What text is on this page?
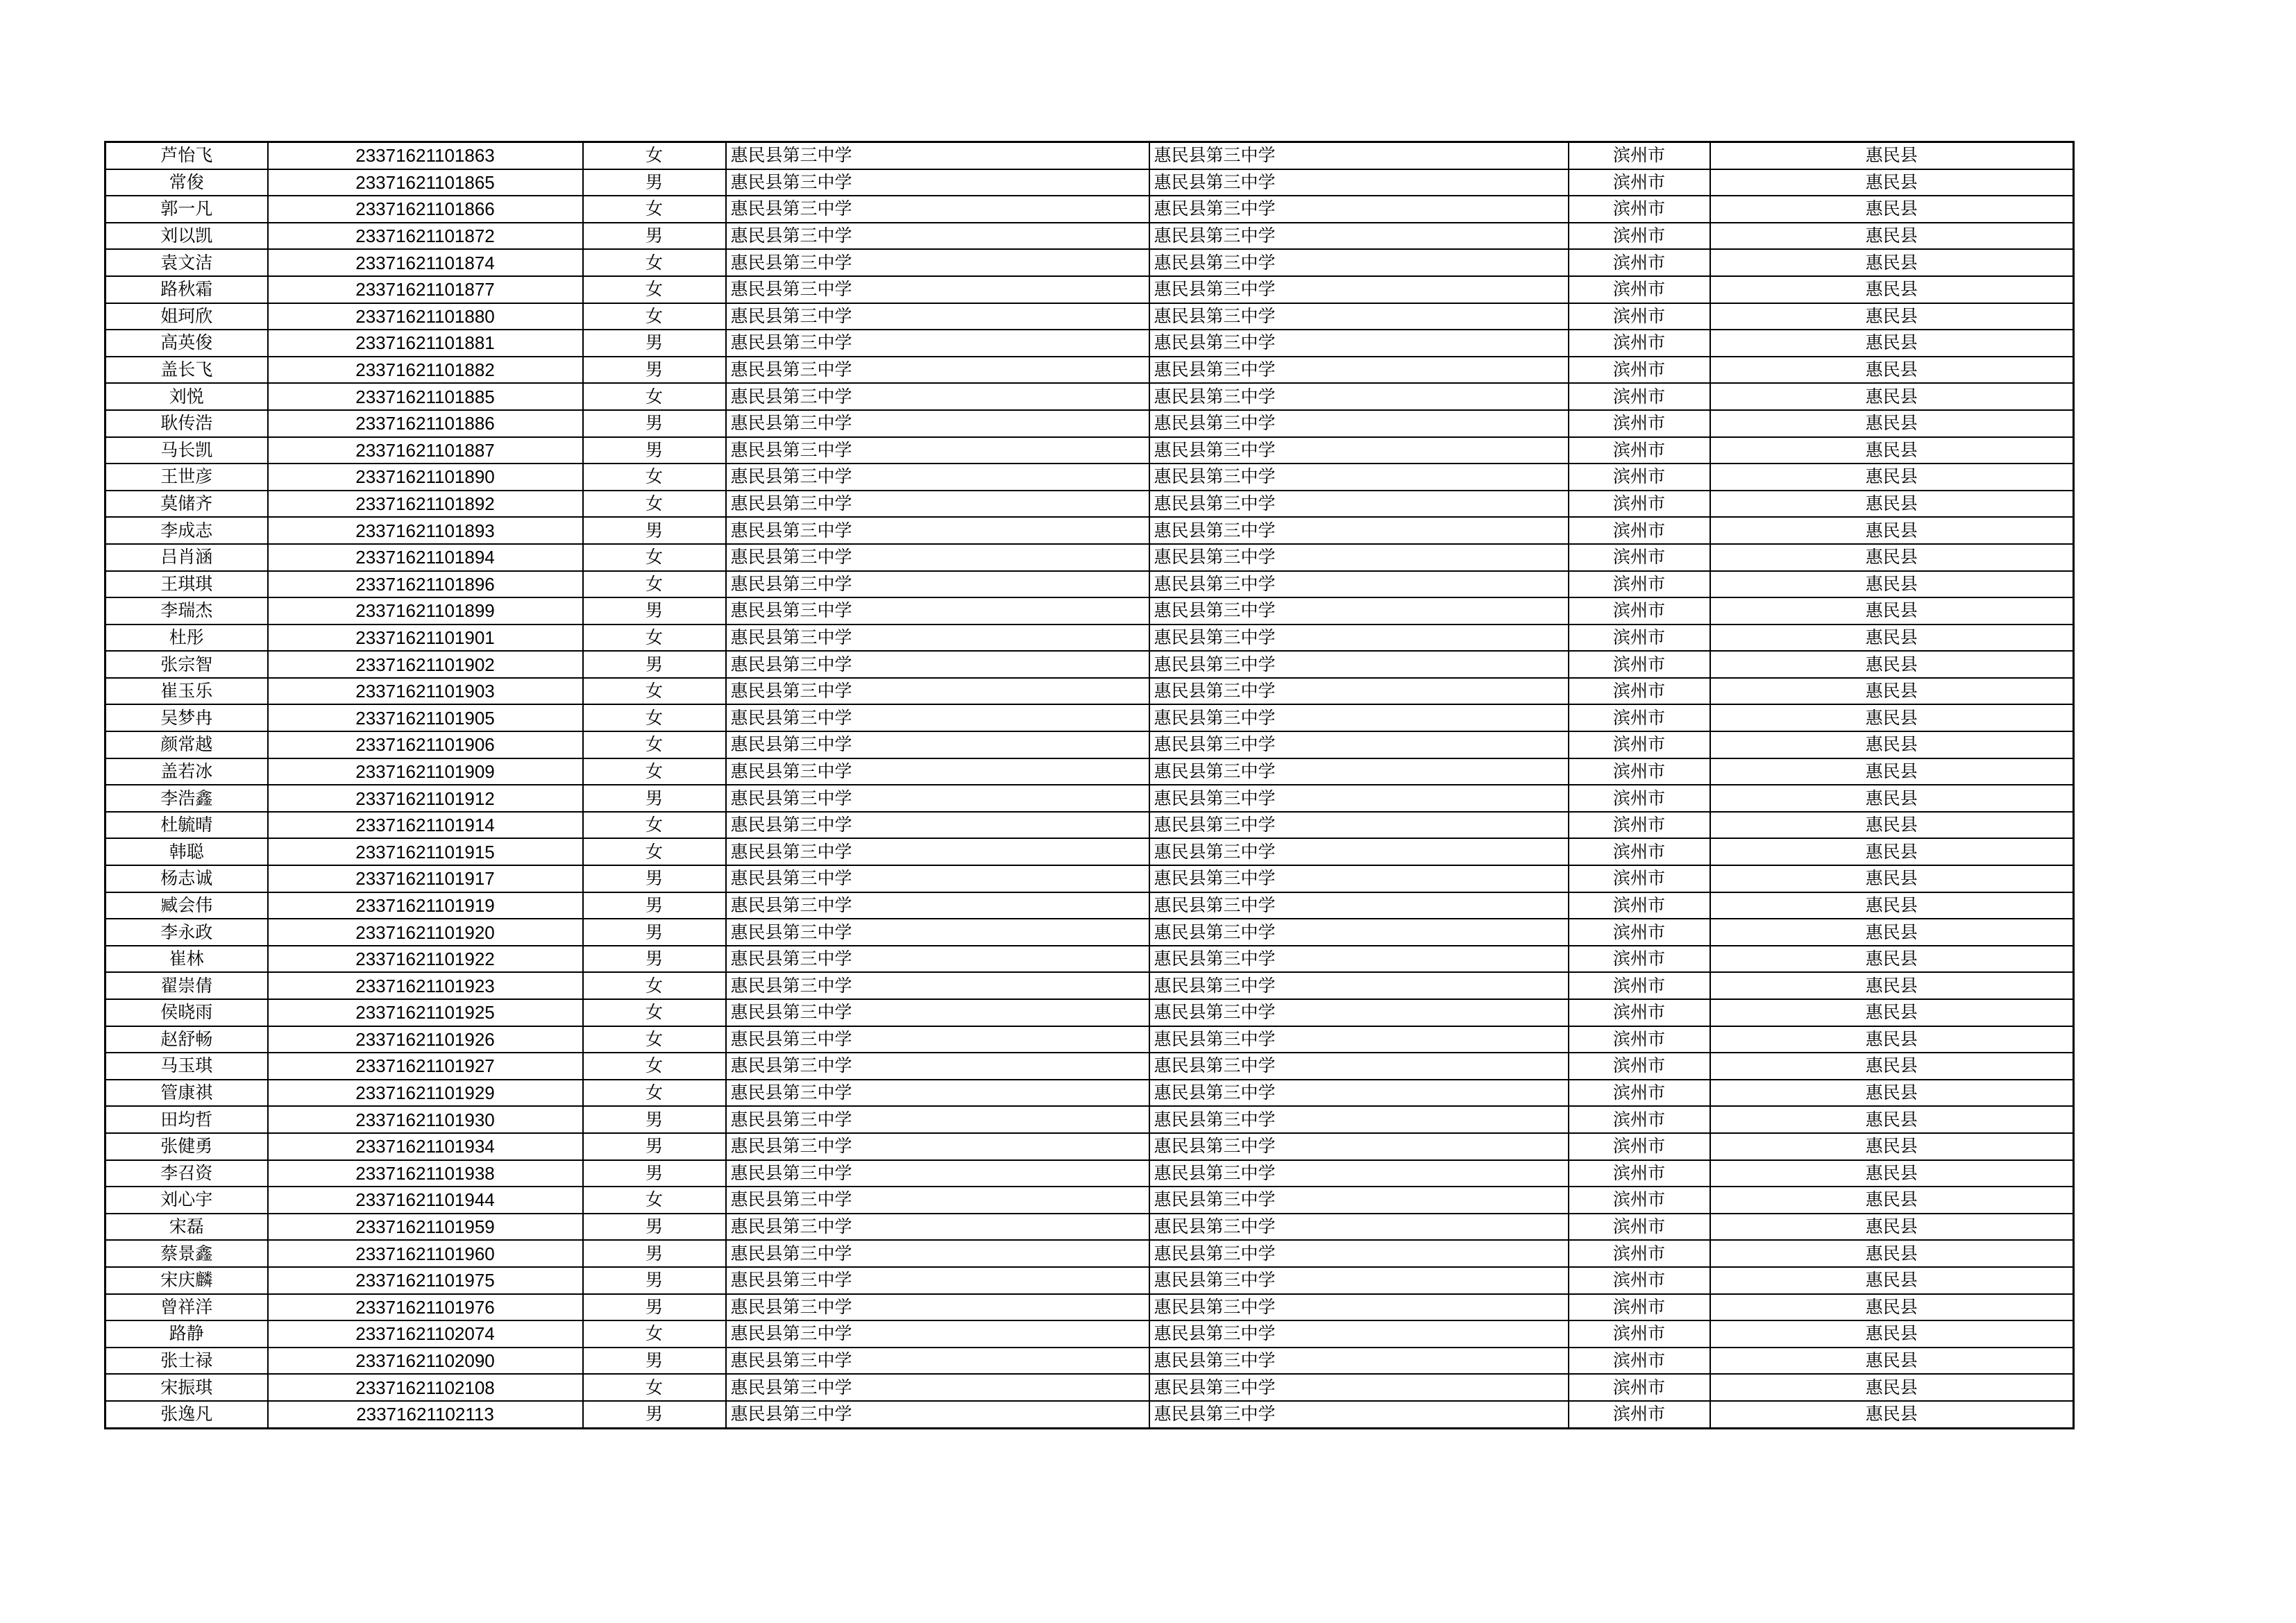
芦怡飞	23371621101863	女	惠民县第三中学	惠民县第三中学	滨州市	惠民县
常俊	23371621101865	男	惠民县第三中学	惠民县第三中学	滨州市	惠民县
郭一凡	23371621101866	女	惠民县第三中学	惠民县第三中学	滨州市	惠民县
刘以凯	23371621101872	男	惠民县第三中学	惠民县第三中学	滨州市	惠民县
袁文洁	23371621101874	女	惠民县第三中学	惠民县第三中学	滨州市	惠民县
路秋霜	23371621101877	女	惠民县第三中学	惠民县第三中学	滨州市	惠民县
姐珂欣	23371621101880	女	惠民县第三中学	惠民县第三中学	滨州市	惠民县
高英俊	23371621101881	男	惠民县第三中学	惠民县第三中学	滨州市	惠民县
盖长飞	23371621101882	男	惠民县第三中学	惠民县第三中学	滨州市	惠民县
刘悦	23371621101885	女	惠民县第三中学	惠民县第三中学	滨州市	惠民县
耿传浩	23371621101886	男	惠民县第三中学	惠民县第三中学	滨州市	惠民县
马长凯	23371621101887	男	惠民县第三中学	惠民县第三中学	滨州市	惠民县
王世彦	23371621101890	女	惠民县第三中学	惠民县第三中学	滨州市	惠民县
莫储齐	23371621101892	女	惠民县第三中学	惠民县第三中学	滨州市	惠民县
李成志	23371621101893	男	惠民县第三中学	惠民县第三中学	滨州市	惠民县
吕肖涵	23371621101894	女	惠民县第三中学	惠民县第三中学	滨州市	惠民县
王琪琪	23371621101896	女	惠民县第三中学	惠民县第三中学	滨州市	惠民县
李瑞杰	23371621101899	男	惠民县第三中学	惠民县第三中学	滨州市	惠民县
杜彤	23371621101901	女	惠民县第三中学	惠民县第三中学	滨州市	惠民县
张宗智	23371621101902	男	惠民县第三中学	惠民县第三中学	滨州市	惠民县
崔玉乐	23371621101903	女	惠民县第三中学	惠民县第三中学	滨州市	惠民县
吴梦冉	23371621101905	女	惠民县第三中学	惠民县第三中学	滨州市	惠民县
颜常越	23371621101906	女	惠民县第三中学	惠民县第三中学	滨州市	惠民县
盖若冰	23371621101909	女	惠民县第三中学	惠民县第三中学	滨州市	惠民县
李浩鑫	23371621101912	男	惠民县第三中学	惠民县第三中学	滨州市	惠民县
杜毓晴	23371621101914	女	惠民县第三中学	惠民县第三中学	滨州市	惠民县
韩聪	23371621101915	女	惠民县第三中学	惠民县第三中学	滨州市	惠民县
杨志诚	23371621101917	男	惠民县第三中学	惠民县第三中学	滨州市	惠民县
臧会伟	23371621101919	男	惠民县第三中学	惠民县第三中学	滨州市	惠民县
李永政	23371621101920	男	惠民县第三中学	惠民县第三中学	滨州市	惠民县
崔林	23371621101922	男	惠民县第三中学	惠民县第三中学	滨州市	惠民县
翟崇倩	23371621101923	女	惠民县第三中学	惠民县第三中学	滨州市	惠民县
侯晓雨	23371621101925	女	惠民县第三中学	惠民县第三中学	滨州市	惠民县
赵舒畅	23371621101926	女	惠民县第三中学	惠民县第三中学	滨州市	惠民县
马玉琪	23371621101927	女	惠民县第三中学	惠民县第三中学	滨州市	惠民县
管康祺	23371621101929	女	惠民县第三中学	惠民县第三中学	滨州市	惠民县
田均哲	23371621101930	男	惠民县第三中学	惠民县第三中学	滨州市	惠民县
张健勇	23371621101934	男	惠民县第三中学	惠民县第三中学	滨州市	惠民县
李召资	23371621101938	男	惠民县第三中学	惠民县第三中学	滨州市	惠民县
刘心宇	23371621101944	女	惠民县第三中学	惠民县第三中学	滨州市	惠民县
宋磊	23371621101959	男	惠民县第三中学	惠民县第三中学	滨州市	惠民县
蔡景鑫	23371621101960	男	惠民县第三中学	惠民县第三中学	滨州市	惠民县
宋庆麟	23371621101975	男	惠民县第三中学	惠民县第三中学	滨州市	惠民县
曾祥洋	23371621101976	男	惠民县第三中学	惠民县第三中学	滨州市	惠民县
路静	23371621102074	女	惠民县第三中学	惠民县第三中学	滨州市	惠民县
张士禄	23371621102090	男	惠民县第三中学	惠民县第三中学	滨州市	惠民县
宋振琪	23371621102108	女	惠民县第三中学	惠民县第三中学	滨州市	惠民县
张逸凡	23371621102113	男	惠民县第三中学	惠民县第三中学	滨州市	惠民县
